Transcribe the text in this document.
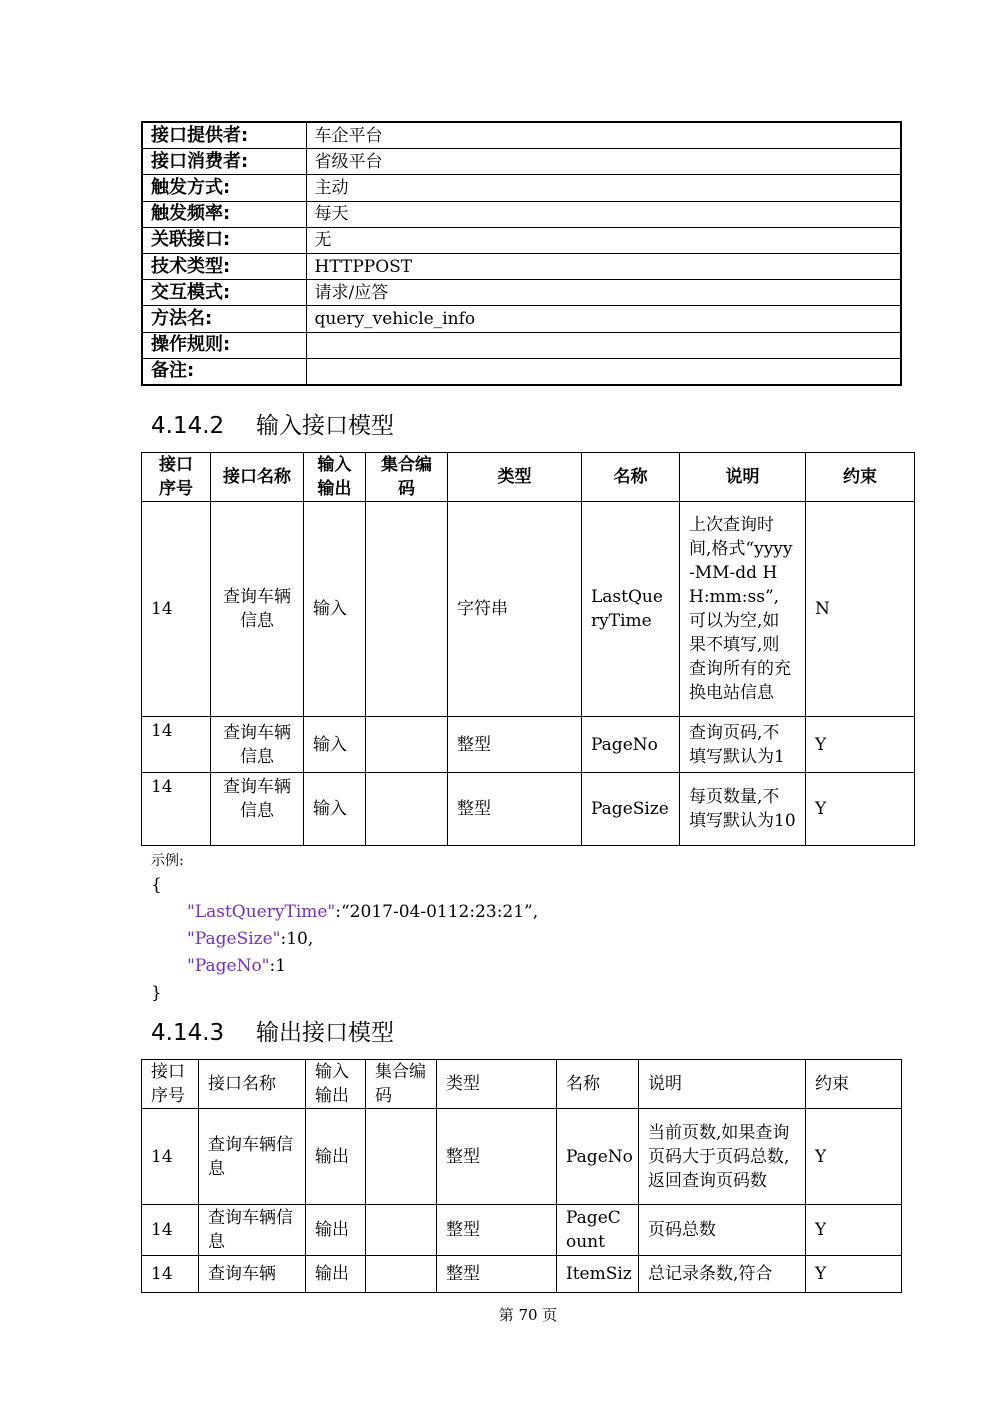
接口提供者:	车企平台
接口消费者:	省级平台
触发方式:	主动
触发频率:	每天
关联接口:	无
技术类型:	HTTPPOST
交互模式:	请求/应答
方法名:	query_vehicle_info
操作规则:	
备注:	
4.14.2 输入接口模型
接口序号	接口名称	输入输出	集合编码	类型	名称	说明	约束
14	查询车辆信息	输入		字符串	LastQueryTime	上次查询时间,格式“yyyy-MM-dd HH:mm:ss”,可以为空,如果不填写,则查询所有的充换电站信息	N
14	查询车辆信息	输入		整型	PageNo	查询页码,不填写默认为1	Y
14	查询车辆信息	输入		整型	PageSize	每页数量,不填写默认为10	Y
示例:
{
"LastQueryTime":“2017-04-0112:23:21”,
"PageSize":10,
"PageNo":1
}
4.14.3 输出接口模型
接口序号	接口名称	输入输出	集合编码	类型	名称	说明	约束
14	查询车辆信息	输出		整型	PageNo	当前页数,如果查询页码大于页码总数,返回查询页码数	Y
14	查询车辆信息	输出		整型	PageCount	页码总数	Y
14	查询车辆	输出		整型	ItemSiz	总记录条数,符合	Y
第 70 页
